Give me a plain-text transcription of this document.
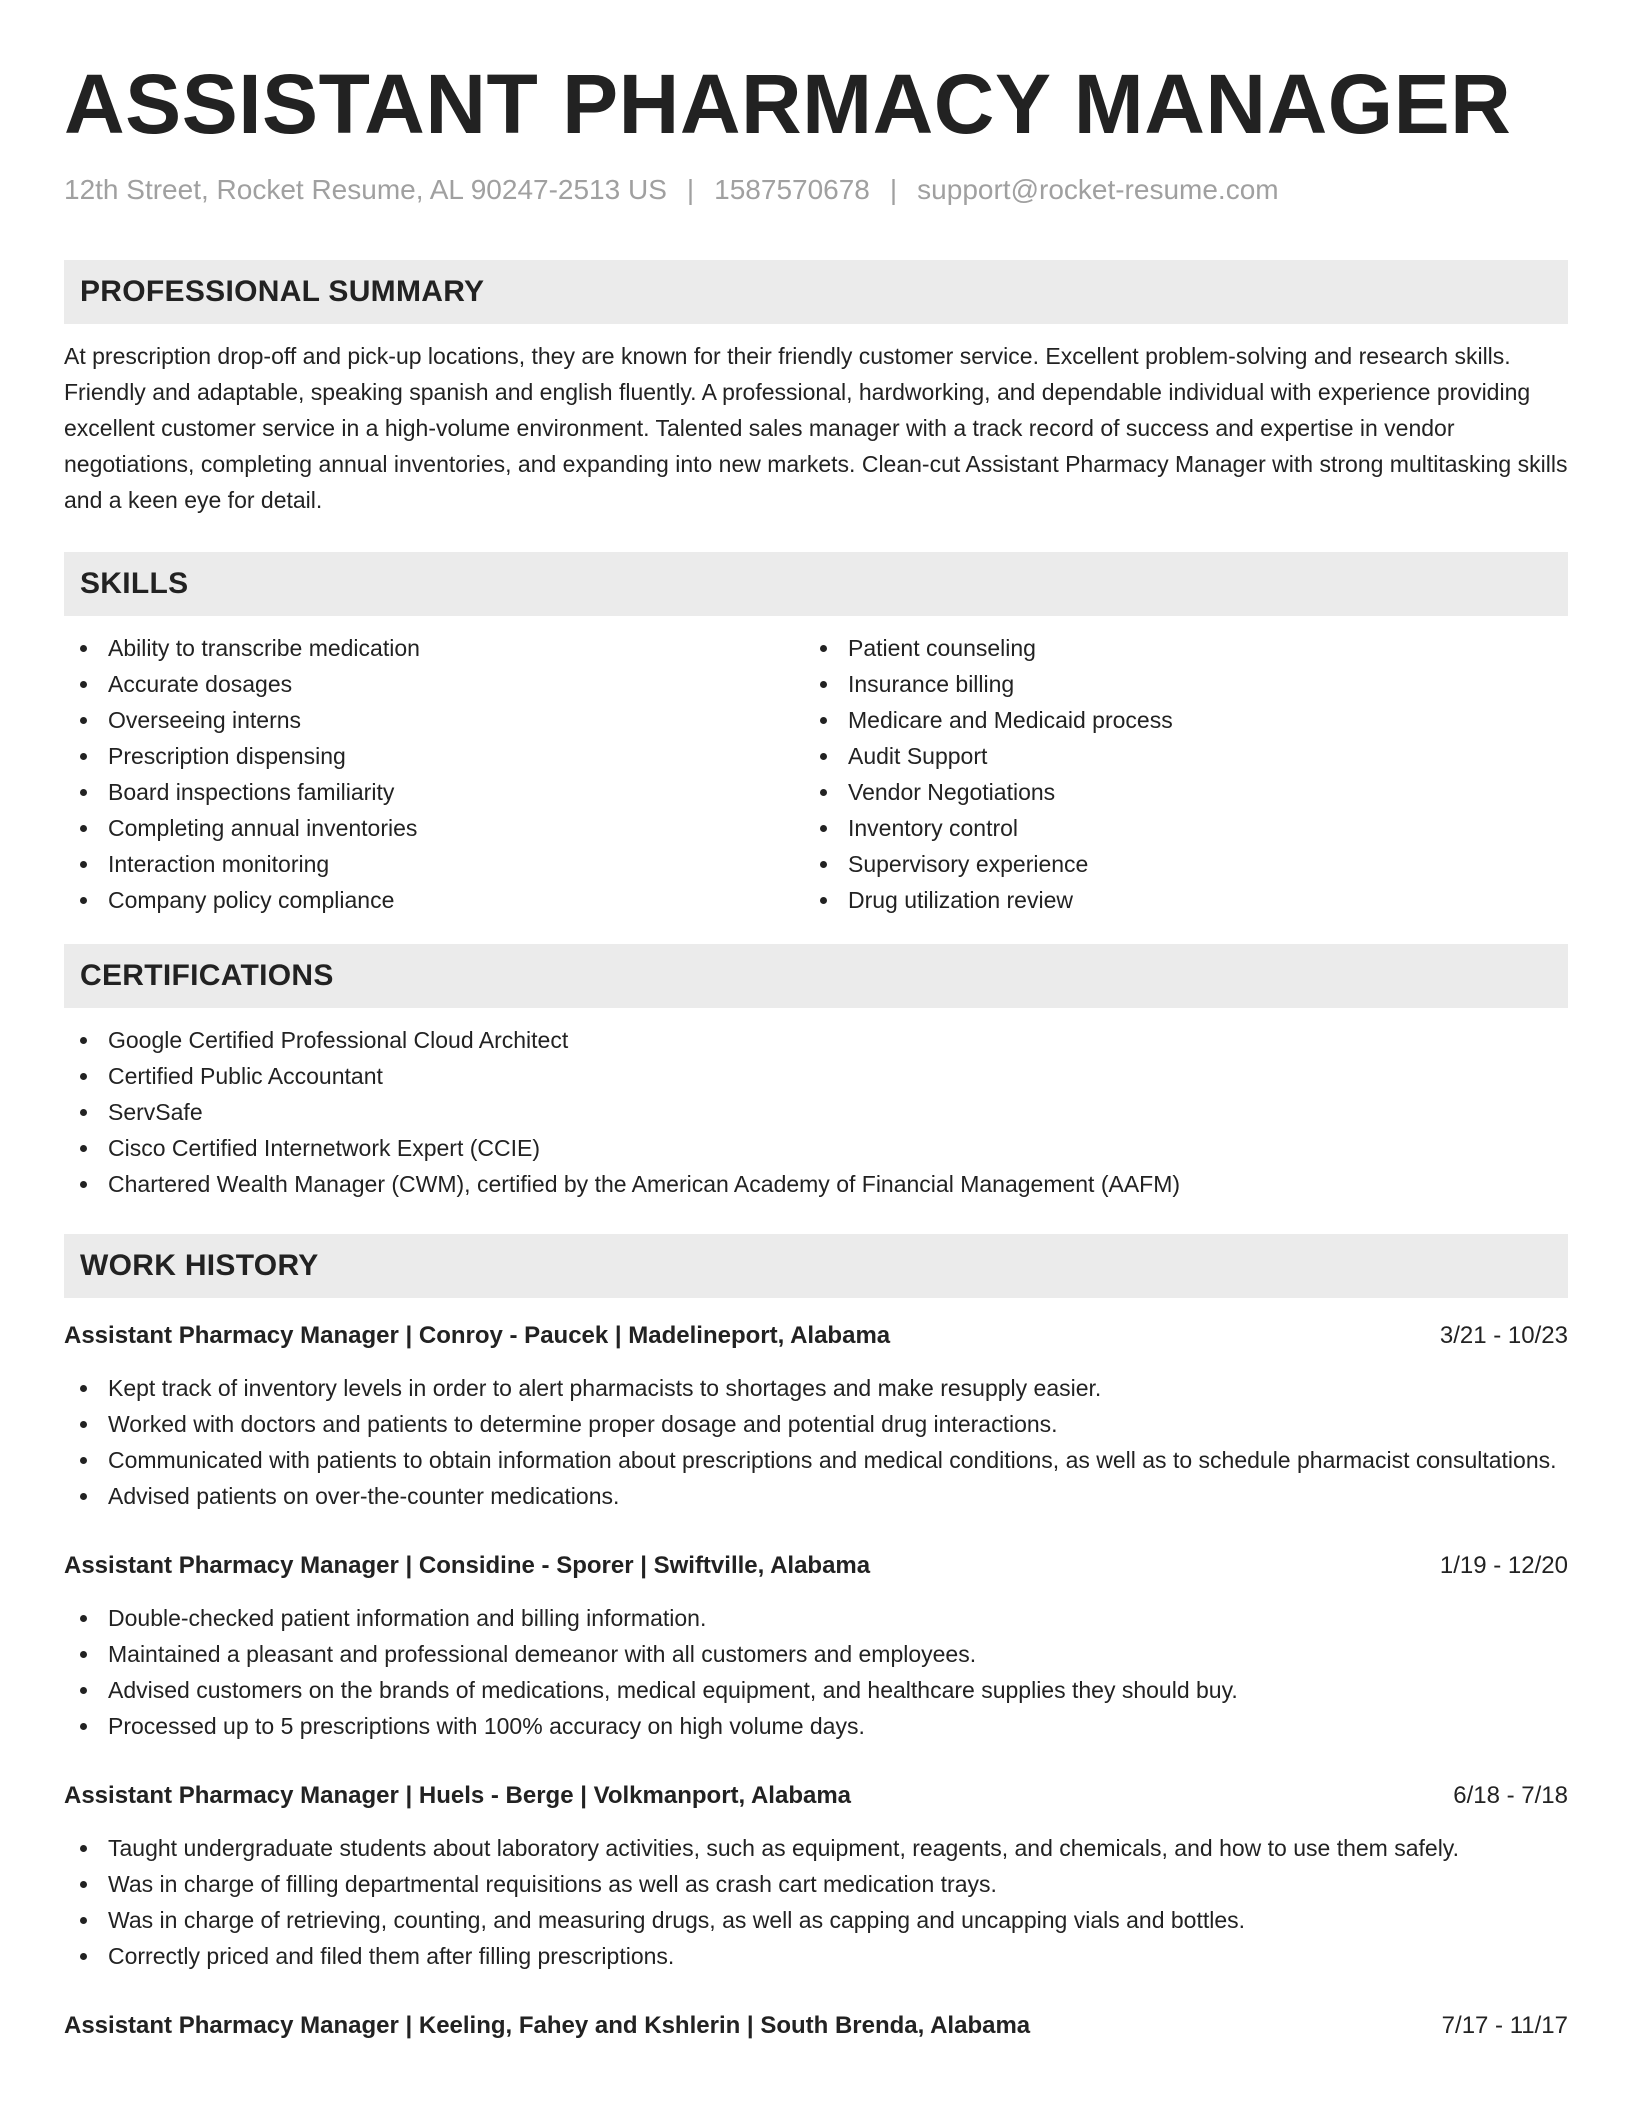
ASSISTANT PHARMACY MANAGER
12th Street, Rocket Resume, AL 90247-2513 US | 1587570678 | support@rocket-resume.com
PROFESSIONAL SUMMARY

At prescription drop-off and pick-up locations, they are known for their friendly customer service. Excellent problem-solving and research skills. Friendly and adaptable, speaking spanish and english fluently. A professional, hardworking, and dependable individual with experience providing excellent customer service in a high-volume environment. Talented sales manager with a track record of success and expertise in vendor negotiations, completing annual inventories, and expanding into new markets. Clean-cut Assistant Pharmacy Manager with strong multitasking skills and a keen eye for detail.

SKILLS
Ability to transcribe medication
Accurate dosages
Overseeing interns
Prescription dispensing
Board inspections familiarity
Completing annual inventories
Interaction monitoring
Company policy compliance
Patient counseling
Insurance billing
Medicare and Medicaid process
Audit Support
Vendor Negotiations
Inventory control
Supervisory experience
Drug utilization review
CERTIFICATIONS
Google Certified Professional Cloud Architect
Certified Public Accountant
ServSafe
Cisco Certified Internetwork Expert (CCIE)
Chartered Wealth Manager (CWM), certified by the American Academy of Financial Management (AAFM)
WORK HISTORY
Assistant Pharmacy Manager | Conroy - Paucek | Madelineport, Alabama	3/21 - 10/23
Kept track of inventory levels in order to alert pharmacists to shortages and make resupply easier.
Worked with doctors and patients to determine proper dosage and potential drug interactions.
Communicated with patients to obtain information about prescriptions and medical conditions, as well as to schedule pharmacist consultations.
Advised patients on over-the-counter medications.
Assistant Pharmacy Manager | Considine - Sporer | Swiftville, Alabama	1/19 - 12/20
Double-checked patient information and billing information.
Maintained a pleasant and professional demeanor with all customers and employees.
Advised customers on the brands of medications, medical equipment, and healthcare supplies they should buy.
Processed up to 5 prescriptions with 100% accuracy on high volume days.
Assistant Pharmacy Manager | Huels - Berge | Volkmanport, Alabama	6/18 - 7/18
Taught undergraduate students about laboratory activities, such as equipment, reagents, and chemicals, and how to use them safely.
Was in charge of filling departmental requisitions as well as crash cart medication trays.
Was in charge of retrieving, counting, and measuring drugs, as well as capping and uncapping vials and bottles.
Correctly priced and filed them after filling prescriptions.
Assistant Pharmacy Manager | Keeling, Fahey and Kshlerin | South Brenda, Alabama	7/17 - 11/17
